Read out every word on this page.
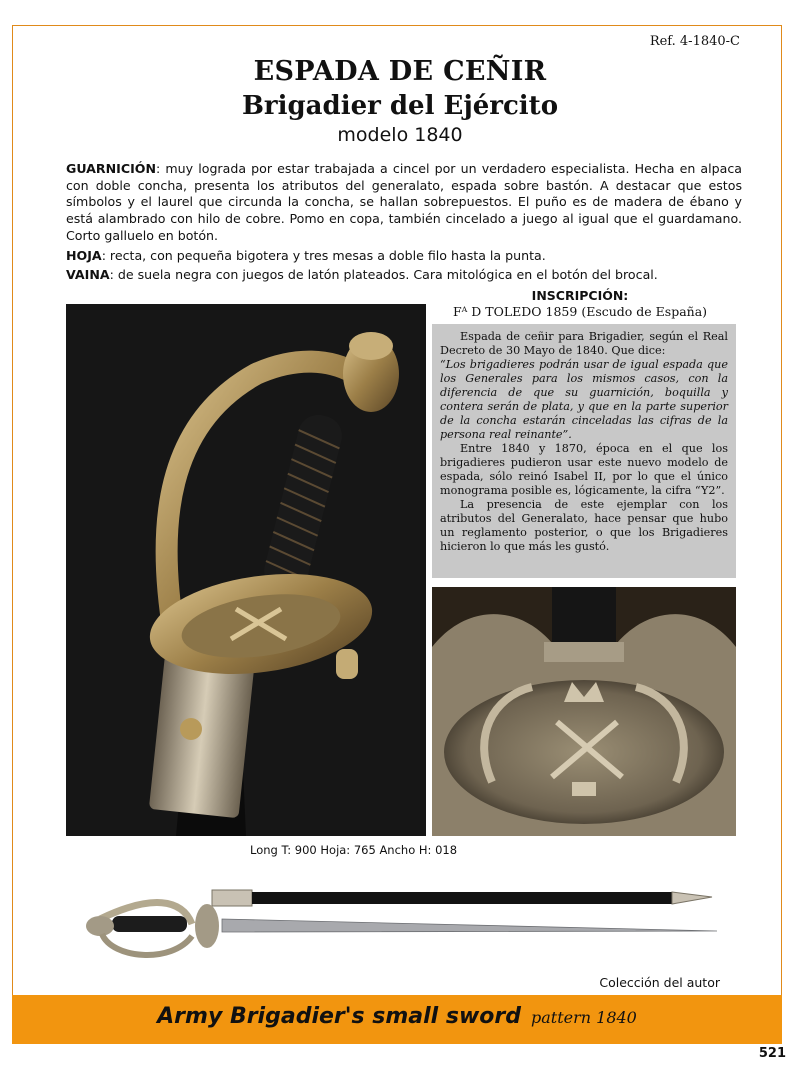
Ref. 4-1840-C
ESPADA DE CEÑIR
Brigadier del Ejército
modelo 1840

GUARNICIÓN: muy lograda por estar trabajada a cincel por un verdadero especialista. Hecha en alpaca con doble concha, presenta los atributos del generalato, espada sobre bastón. A destacar que estos símbolos y el laurel que circunda la concha, se hallan sobrepuestos. El puño es de madera de ébano y está alambrado con hilo de cobre. Pomo en copa, también cincelado a juego al igual que el guardamano. Corto galluelo en botón.

HOJA: recta, con pequeña bigotera y tres mesas a doble filo hasta la punta.

VAINA: de suela negra con juegos de latón plateados. Cara mitológica en el botón del brocal.

INSCRIPCIÓN:
Fᴬ D TOLEDO 1859 (Escudo de España)

Espada de ceñir para Brigadier, según el Real Decreto de 30 Mayo de 1840. Que dice:

“Los brigadieres podrán usar de igual espada que los Generales para los mismos casos, con la diferencia de que su guarnición, boquilla y contera serán de plata, y que en la parte superior de la concha estarán cinceladas las cifras de la persona real reinante”.

Entre 1840 y 1870, época en el que los brigadieres pudieron usar este nuevo modelo de espada, sólo reinó Isabel II, por lo que el único monograma posible es, lógicamente, la cifra “Y2”.

La presencia de este ejemplar con los atributos del Generalato, hace pensar que hubo un reglamento posterior, o que los Brigadieres hicieron lo que más les gustó.

Long T: 900 Hoja: 765 Ancho H: 018
Colección del autor
Army Brigadier's small sword pattern 1840
521
